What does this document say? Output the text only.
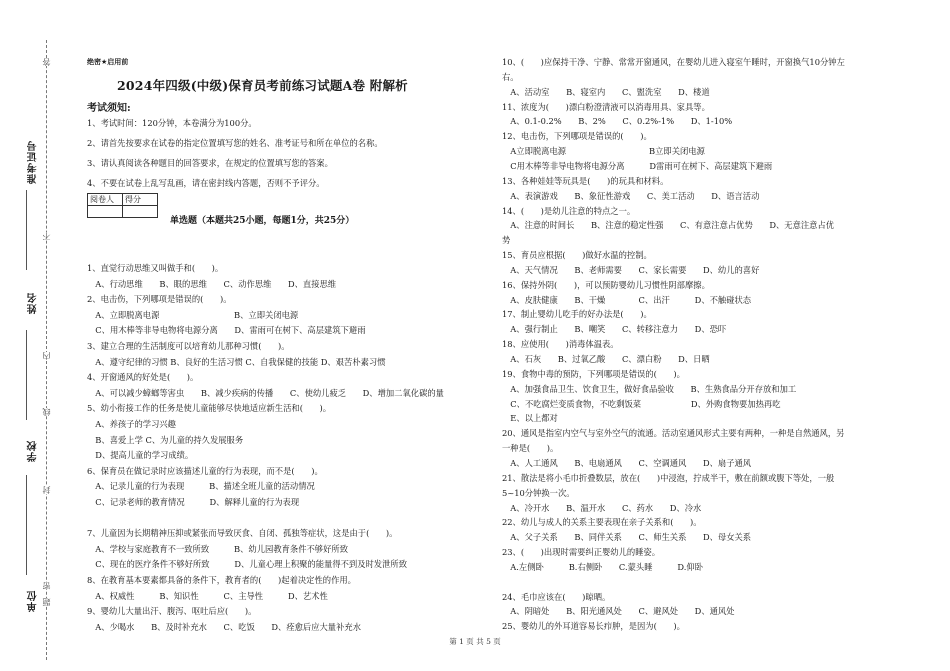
准考证号
姓名
学校
单位
答
不
内
线
封
密
题
绝密★启用前
2024年四级(中级)保育员考前练习试题A卷 附解析
考试须知:
1、考试时间：120分钟，本卷满分为100分。
2、请首先按要求在试卷的指定位置填写您的姓名、准考证号和所在单位的名称。
3、请认真阅读各种题目的回答要求，在规定的位置填写您的答案。
4、不要在试卷上乱写乱画，请在密封线内答题，否则不予评分。
阅卷人	得分

单选题（本题共25小题，每题1分，共25分）
1、直觉行动思维又叫做手和(　　)。
　A、行动思维　　B、眼的思维　　C、动作思维　　D、直接思维
2、电击伤，下列哪项是错误的(　　)。
　A、立即脱离电源　　　　　　　　　B、立即关闭电源
　C、用木棒等非导电物将电源分离　　D、雷雨可在树下、高层建筑下避雨
3、建立合理的生活制度可以培育幼儿那种习惯(　　)。
　A、遵守纪律的习惯 B、良好的生活习惯 C、自我保健的技能 D、艰苦朴素习惯
4、开窗通风的好处是(　　)。
　A、可以减少蟑螂等害虫　　B、减少疾病的传播　　C、使幼儿疲乏　　D、增加二氧化碳的量
5、幼小衔接工作的任务是使儿童能够尽快地适应新生活和(　　)。
　A、养孩子的学习兴趣
　B、喜爱上学 C、为儿童的持久发展服务
　D、提高儿童的学习成绩。
6、保育员在做记录时应该描述儿童的行为表现，而不是(　　)。
　A、记录儿童的行为表现　　　B、描述全班儿童的活动情况
　C、记录老师的教育情况　　　D、解释儿童的行为表现
7、儿童因为长期精神压抑或紧张而导致厌食、自闭、孤独等症状，这是由于(　　)。
　A、学校与家庭教育不一致所致　　　B、幼儿园教育条件不够好所致
　C、现在的医疗条件不够好所致　　　D、儿童心理上积聚的能量得不到及时发泄所致
8、在教育基本要素都具备的条件下，教育者的(　　)起着决定性的作用。
　A、权威性　　　B、知识性　　　C、主导性　　　D、艺术性
9、婴幼儿大量出汗、腹泻、呕吐后应(　　)。
　A、少喝水　　B、及时补充水　　C、吃饭　　D、痊愈后应大量补充水
10、(　　)应保持干净、宁静、常常开窗通风，在婴幼儿进入寝室午睡时，开窗换气10分钟左
右。
　A、活动室　　B、寝室内　　C、盥洗室　　D、楼道
11、浓度为(　　)漂白粉澄清液可以消毒用具、家具等。
　A、0.1-0.2%　　B、2%　　C、0.2%-1%　　D、1-10%
12、电击伤，下列哪项是错误的(　　)。
　A立即脱离电源　　　　　　　　　　B立即关闭电源
　C用木棒等非导电物将电源分离　　　D雷雨可在树下、高层建筑下避雨
13、各种娃娃等玩具是(　　)的玩具和材料。
　A、表演游戏　　B、象征性游戏　　C、美工活动　　D、语言活动
14、(　　)是幼儿注意的特点之一。
　A、注意的时间长　　B、注意的稳定性强　　C、有意注意占优势　　D、无意注意占优
势
15、育员应根据(　　)做好水温的控制。
　A、天气情况　　B、老师需要　　C、家长需要　　D、幼儿的喜好
16、保持外阴(　　)，可以预防婴幼儿习惯性阴部摩擦。
　A、皮肤健康　　B、干燥　　　　C、出汗　　　D、不触碰状态
17、制止婴幼儿吃手的好办法是(　　)。
　A、强行制止　　B、嘲笑　　C、转移注意力　　D、恐吓
18、应使用(　　)消毒体温表。
　A、石灰　　B、过氧乙酸　　C、漂白粉　　D、日晒
19、食物中毒的预防，下列哪项是错误的(　　)。
　A、加强食品卫生、饮食卫生，做好食品验收　　B、生熟食品分开存放和加工
　C、不吃腐烂变质食物，不吃剩饭菜　　　　　　D、外购食物要加热再吃
　E、以上都对
20、通风是指室内空气与室外空气的流通。活动室通风形式主要有两种，一种是自然通风，另
一种是(　　)。
　A、人工通风　　B、电扇通风　　C、空调通风　　D、扇子通风
21、散法是将小毛巾折叠数层，放在(　　)中浸泡，拧成半干，敷在前额或腹下等处，一般
5~10分钟换一次。
　A、冷开水　　B、温开水　　C、药水　　D、冷水
22、幼儿与成人的关系主要表现在亲子关系和(　　)。
　A、父子关系　　B、同伴关系　　C、师生关系　　D、母女关系
23、(　　)出现时需要纠正婴幼儿的睡姿。
　A.左侧卧　　　B.右侧卧　　C.蒙头睡　　　D.仰卧
24、毛巾应该在(　　)晾晒。
　A、阴暗处　　B、阳光通风处　　C、避风处　　D、通风处
25、婴幼儿的外耳道容易长疖肿，是因为(　　)。
第 1 页 共 5 页
